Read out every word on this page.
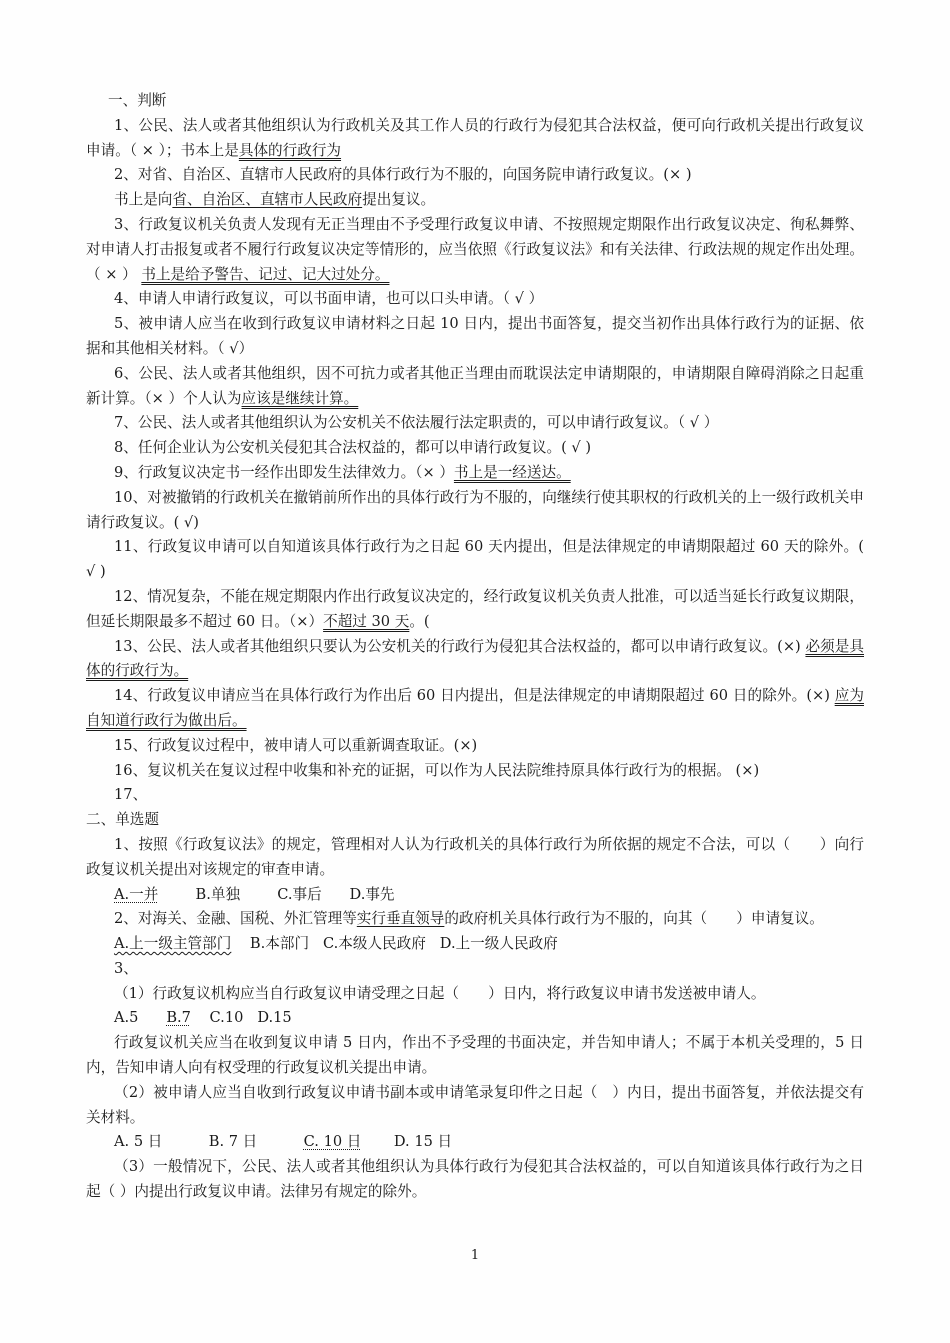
一、判断

1、公民、法人或者其他组织认为行政机关及其工作人员的行政行为侵犯其合法权益，便可向行政机关提出行政复议申请。（ × ）；书本上是具体的行政行为

2、对省、自治区、直辖市人民政府的具体行政行为不服的，向国务院申请行政复议。(× )

书上是向省、自治区、直辖市人民政府提出复议。

3、行政复议机关负责人发现有无正当理由不予受理行政复议申请、不按照规定期限作出行政复议决定、徇私舞弊、对申请人打击报复或者不履行行政复议决定等情形的，应当依照《行政复议法》和有关法律、行政法规的规定作出处理。（ × ） 书上是给予警告、记过、记大过处分。

4、申请人申请行政复议，可以书面申请，也可以口头申请。（ √ ）

5、被申请人应当在收到行政复议申请材料之日起 10 日内，提出书面答复，提交当初作出具体行政行为的证据、依据和其他相关材料。（ √）

6、公民、法人或者其他组织，因不可抗力或者其他正当理由而耽误法定申请期限的，申请期限自障碍消除之日起重新计算。（× ）个人认为应该是继续计算。

7、公民、法人或者其他组织认为公安机关不依法履行法定职责的，可以申请行政复议。（ √ ）

8、任何企业认为公安机关侵犯其合法权益的，都可以申请行政复议。( √ )

9、行政复议决定书一经作出即发生法律效力。（× ）书上是一经送达。

10、对被撤销的行政机关在撤销前所作出的具体行政行为不服的，向继续行使其职权的行政机关的上一级行政机关申请行政复议。( √)

11、行政复议申请可以自知道该具体行政行为之日起 60 天内提出，但是法律规定的申请期限超过 60 天的除外。( √ )

12、情况复杂，不能在规定期限内作出行政复议决定的，经行政复议机关负责人批准，可以适当延长行政复议期限，但延长期限最多不超过 60 日。（×）不超过 30 天。(

13、公民、法人或者其他组织只要认为公安机关的行政行为侵犯其合法权益的，都可以申请行政复议。(×) 必须是具体的行政行为。

14、行政复议申请应当在具体行政行为作出后 60 日内提出，但是法律规定的申请期限超过 60 日的除外。(×) 应为自知道行政行为做出后。

15、行政复议过程中，被申请人可以重新调查取证。(×)

16、复议机关在复议过程中收集和补充的证据，可以作为人民法院维持原具体行政行为的根据。 (×)

17、

二、单选题

1、按照《行政复议法》的规定，管理相对人认为行政机关的具体行政行为所依据的规定不合法，可以（　　）向行政复议机关提出对该规定的审查申请。

A.一并	B.单独	C.事后 D.事先

2、对海关、金融、国税、外汇管理等实行垂直领导的政府机关具体行政行为不服的，向其（　　）申请复议。

A.上一级主管部门 B.本部门 C.本级人民政府 D.上一级人民政府

3、

（1）行政复议机构应当自行政复议申请受理之日起（　　）日内，将行政复议申请书发送被申请人。

A.5 B.7 C.10 D.15

行政复议机关应当在收到复议申请 5 日内，作出不予受理的书面决定，并告知申请人；不属于本机关受理的，5 日内，告知申请人向有权受理的行政复议机关提出申请。

（2）被申请人应当自收到行政复议申请书副本或申请笔录复印件之日起（　）内日，提出书面答复，并依法提交有关材料。

A. 5 日	B. 7 日	C. 10 日 D. 15 日

（3）一般情况下，公民、法人或者其他组织认为具体行政行为侵犯其合法权益的，可以自知道该具体行政行为之日起（ ）内提出行政复议申请。法律另有规定的除外。

1
